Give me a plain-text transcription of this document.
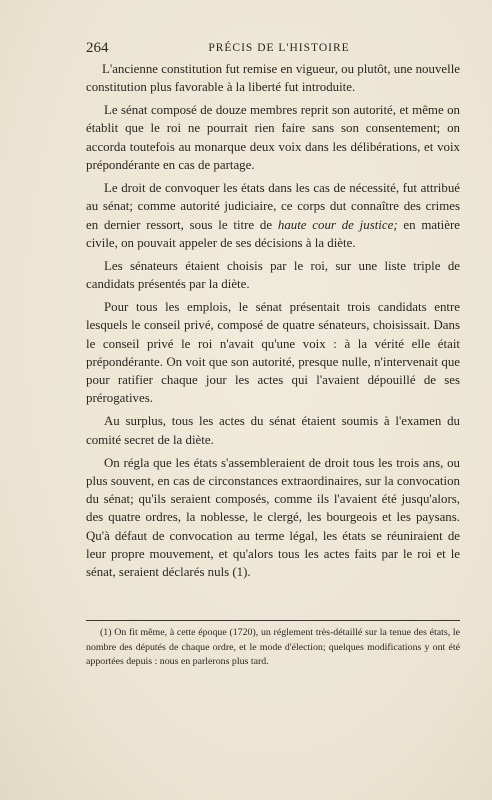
264	PRÉCIS DE L'HISTOIRE

L'ancienne constitution fut remise en vigueur, ou plutôt, une nouvelle constitution plus favorable à la liberté fut introduite.

Le sénat composé de douze membres reprit son autorité, et même on établit que le roi ne pourrait rien faire sans son consentement; on accorda toutefois au monarque deux voix dans les délibérations, et voix prépondérante en cas de partage.

Le droit de convoquer les états dans les cas de nécessité, fut attribué au sénat; comme autorité judiciaire, ce corps dut connaître des crimes en dernier ressort, sous le titre de haute cour de justice; en matière civile, on pouvait appeler de ses décisions à la diète.

Les sénateurs étaient choisis par le roi, sur une liste triple de candidats présentés par la diète.

Pour tous les emplois, le sénat présentait trois candidats entre lesquels le conseil privé, composé de quatre sénateurs, choisissait. Dans le conseil privé le roi n'avait qu'une voix : à la vérité elle était prépondérante. On voit que son autorité, presque nulle, n'intervenait que pour ratifier chaque jour les actes qui l'avaient dépouillé de ses prérogatives.

Au surplus, tous les actes du sénat étaient soumis à l'examen du comité secret de la diète.

On régla que les états s'assembleraient de droit tous les trois ans, ou plus souvent, en cas de circonstances extraordinaires, sur la convocation du sénat; qu'ils seraient composés, comme ils l'avaient été jusqu'alors, des quatre ordres, la noblesse, le clergé, les bourgeois et les paysans. Qu'à défaut de convocation au terme légal, les états se réuniraient de leur propre mouvement, et qu'alors tous les actes faits par le roi et le sénat, seraient déclarés nuls (1).

(1) On fit même, à cette époque (1720), un réglement très-détaillé sur la tenue des états, le nombre des députés de chaque ordre, et le mode d'élection; quelques modifications y ont été apportées depuis : nous en parlerons plus tard.
